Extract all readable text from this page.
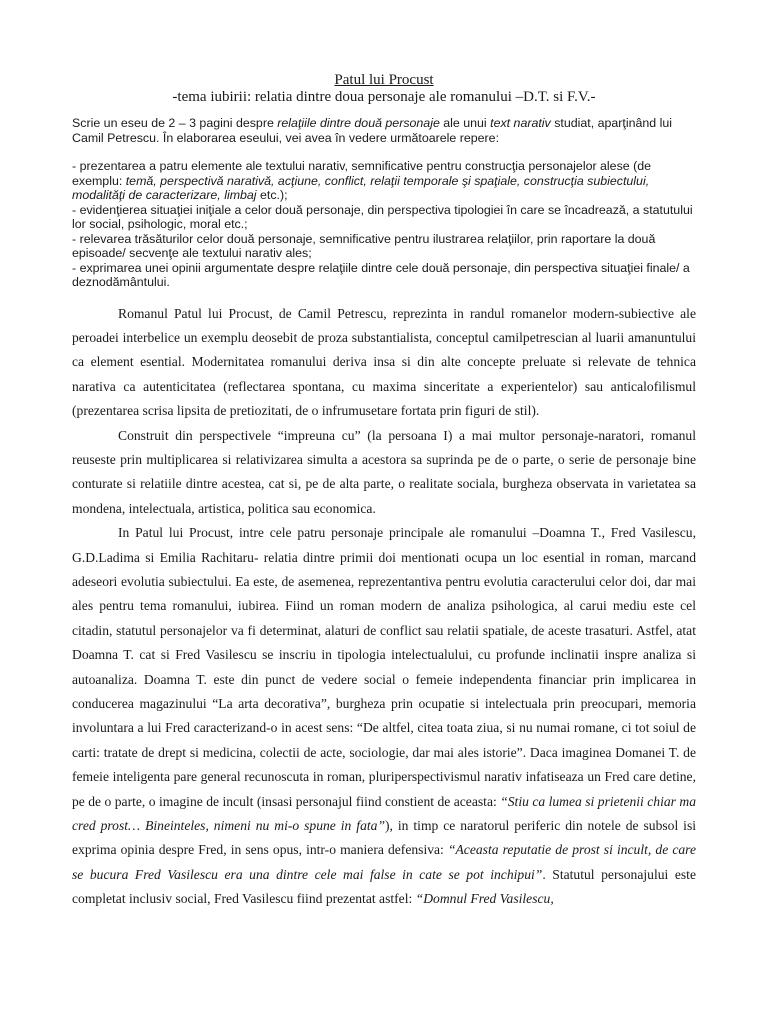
Patul lui Procust

-tema iubirii: relatia dintre doua personaje ale romanului –D.T. si F.V.-

Scrie un eseu de 2 – 3 pagini despre relaţiile dintre două personaje ale unui text narativ studiat, aparţinând lui Camil Petrescu. În elaborarea eseului, vei avea în vedere următoarele repere:

- prezentarea a patru elemente ale textului narativ, semnificative pentru construcţia personajelor alese (de exemplu: temă, perspectivă narativă, acţiune, conflict, relaţii temporale şi spaţiale, construcţia subiectului, modalităţi de caracterizare, limbaj etc.);

- evidenţierea situaţiei iniţiale a celor două personaje, din perspectiva tipologiei în care se încadrează, a statutului lor social, psihologic, moral etc.;

- relevarea trăsăturilor celor două personaje, semnificative pentru ilustrarea relaţiilor, prin raportare la două episoade/ secvenţe ale textului narativ ales;

- exprimarea unei opinii argumentate despre relaţiile dintre cele două personaje, din perspectiva situaţiei finale/ a deznodământului.

Romanul Patul lui Procust, de Camil Petrescu, reprezinta in randul romanelor modern-subiective ale peroadei interbelice un exemplu deosebit de proza substantialista, conceptul camilpetrescian al luarii amanuntului ca element esential. Modernitatea romanului deriva insa si din alte concepte preluate si relevate de tehnica narativa ca autenticitatea (reflectarea spontana, cu maxima sinceritate a experientelor) sau anticalofilismul (prezentarea scrisa lipsita de pretiozitati, de o infrumusetare fortata prin figuri de stil).

Construit din perspectivele “impreuna cu” (la persoana I) a mai multor personaje-naratori, romanul reuseste prin multiplicarea si relativizarea simulta a acestora sa suprinda pe de o parte, o serie de personaje bine conturate si relatiile dintre acestea, cat si, pe de alta parte, o realitate sociala, burgheza observata in varietatea sa mondena, intelectuala, artistica, politica sau economica.

In Patul lui Procust, intre cele patru personaje principale ale romanului –Doamna T., Fred Vasilescu, G.D.Ladima si Emilia Rachitaru- relatia dintre primii doi mentionati ocupa un loc esential in roman, marcand adeseori evolutia subiectului. Ea este, de asemenea, reprezentantiva pentru evolutia caracterului celor doi, dar mai ales pentru tema romanului, iubirea. Fiind un roman modern de analiza psihologica, al carui mediu este cel citadin, statutul personajelor va fi determinat, alaturi de conflict sau relatii spatiale, de aceste trasaturi. Astfel, atat Doamna T. cat si Fred Vasilescu se inscriu in tipologia intelectualului, cu profunde inclinatii inspre analiza si autoanaliza. Doamna T. este din punct de vedere social o femeie independenta financiar prin implicarea in conducerea magazinului “La arta decorativa”, burgheza prin ocupatie si intelectuala prin preocupari, memoria involuntara a lui Fred caracterizand-o in acest sens: “De altfel, citea toata ziua, si nu numai romane, ci tot soiul de carti: tratate de drept si medicina, colectii de acte, sociologie, dar mai ales istorie”. Daca imaginea Domanei T. de femeie inteligenta pare general recunoscuta in roman, pluriperspectivismul narativ infatiseaza un Fred care detine, pe de o parte, o imagine de incult (insasi personajul fiind constient de aceasta: “Stiu ca lumea si prietenii chiar ma cred prost… Bineinteles, nimeni nu mi-o spune in fata”), in timp ce naratorul periferic din notele de subsol isi exprima opinia despre Fred, in sens opus, intr-o maniera defensiva: “Aceasta reputatie de prost si incult, de care se bucura Fred Vasilescu era una dintre cele mai false in cate se pot inchipui”. Statutul personajului este completat inclusiv social, Fred Vasilescu fiind prezentat astfel: “Domnul Fred Vasilescu,
